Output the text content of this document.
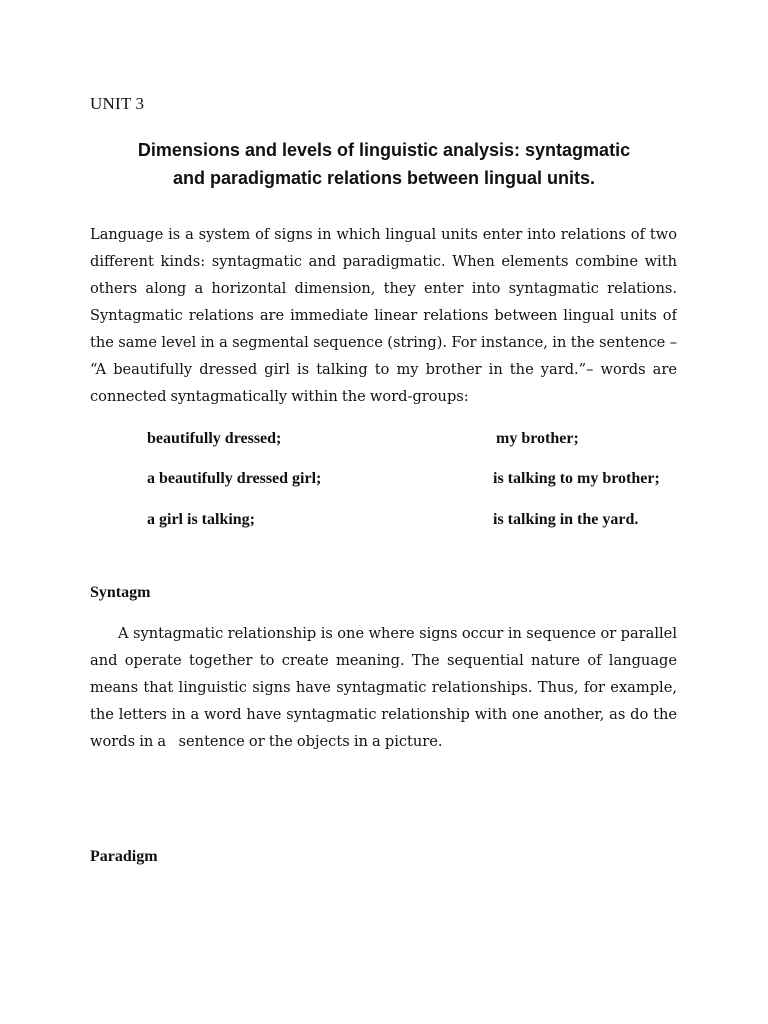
UNIT 3
Dimensions and levels of linguistic analysis: syntagmatic
and paradigmatic relations between lingual units.
Language is a system of signs in which lingual units enter into relations of two
different kinds: syntagmatic and paradigmatic. When elements combine with
others along a horizontal dimension, they enter into syntagmatic relations.
Syntagmatic relations are immediate linear relations between lingual units of
the same level in a segmental sequence (string). For instance, in the sentence –
“A beautifully dressed girl is talking to my brother in the yard.”– words are
connected syntagmatically within the word-groups:
beautifully dressed;	my brother;
a beautifully dressed girl;	is talking to my brother;
a girl is talking;	is talking in the yard.
Syntagm
A syntagmatic relationship is one where signs occur in sequence or parallel
and operate together to create meaning. The sequential nature of language
means that linguistic signs have syntagmatic relationships. Thus, for example,
the letters in a word have syntagmatic relationship with one another, as do the
words in a   sentence or the objects in a picture.
Paradigm
